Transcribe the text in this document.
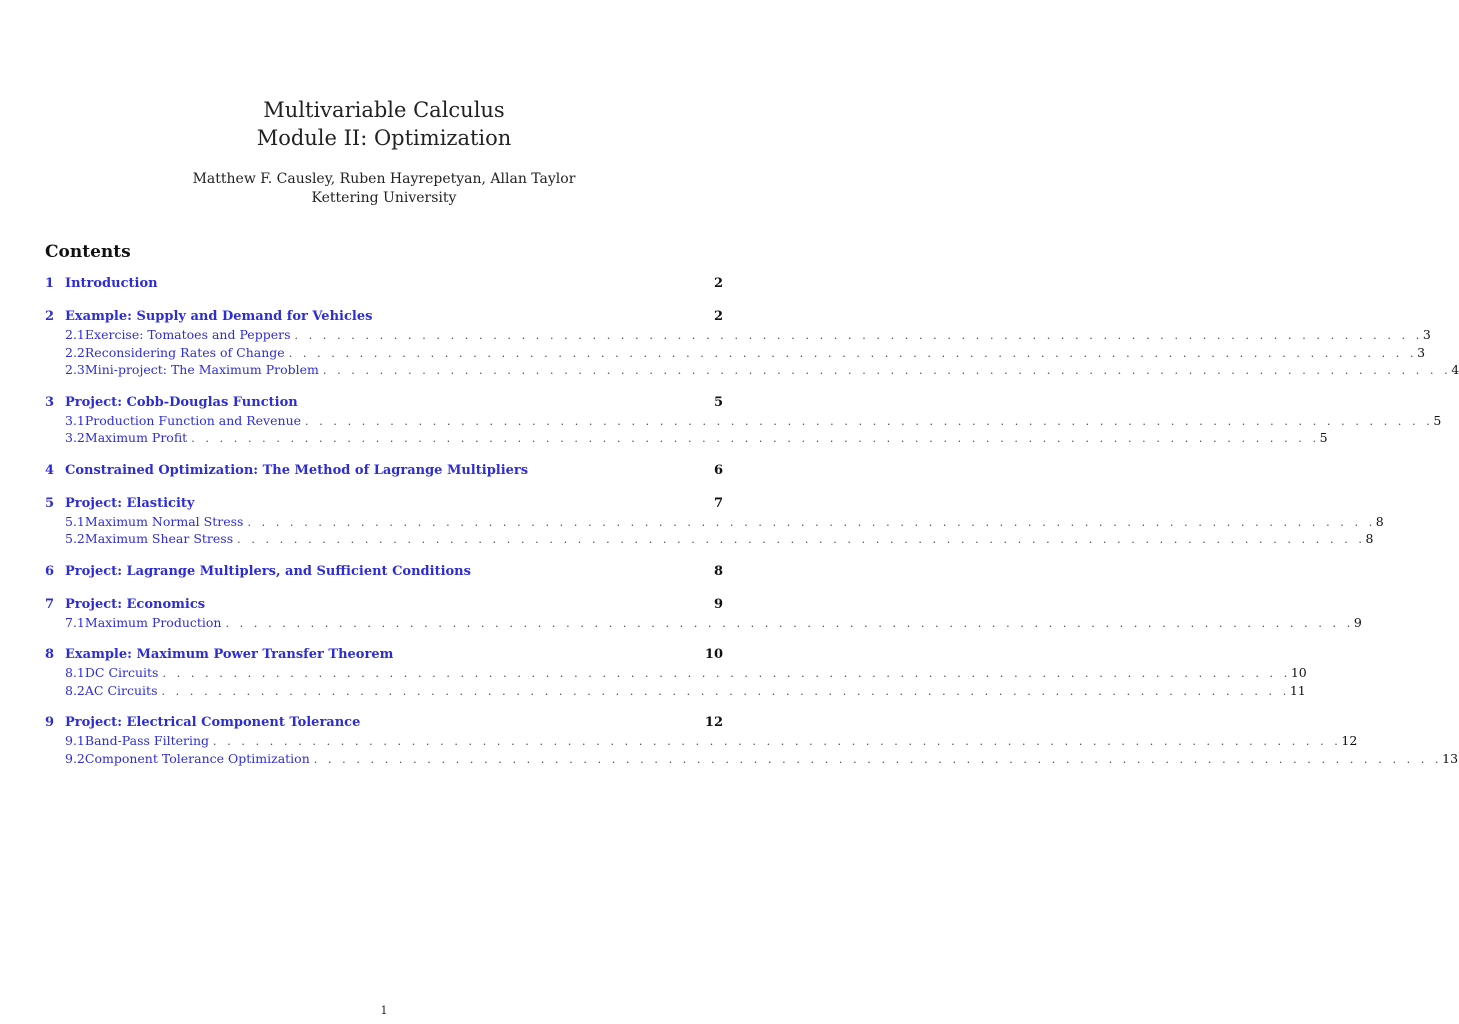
Multivariable Calculus
Module II: Optimization
Matthew F. Causley, Ruben Hayrepetyan, Allan Taylor
Kettering University
Contents
1 Introduction	2
2 Example: Supply and Demand for Vehicles	2
2.1 Exercise: Tomatoes and Peppers . . . . . . . . . . . . . . . . . . . . . . . . . . . . . . . . . . . . . . . . . . . . . . . . . . . . . . . . . . . . . . . . . . . . . . . . . . . . . . . . 3
2.2 Reconsidering Rates of Change . . . . . . . . . . . . . . . . . . . . . . . . . . . . . . . . . . . . . . . . . . . . . . . . . . . . . . . . . . . . . . . . . . . . . . . . . . . . . . . . 3
2.3 Mini-project: The Maximum Problem . . . . . . . . . . . . . . . . . . . . . . . . . . . . . . . . . . . . . . . . . . . . . . . . . . . . . . . . . . . . . . . . . . . . . . . . . . . . . . . . 4
3 Project: Cobb-Douglas Function	5
3.1 Production Function and Revenue . . . . . . . . . . . . . . . . . . . . . . . . . . . . . . . . . . . . . . . . . . . . . . . . . . . . . . . . . . . . . . . . . . . . . . . . . . . . . . . . 5
3.2 Maximum Profit . . . . . . . . . . . . . . . . . . . . . . . . . . . . . . . . . . . . . . . . . . . . . . . . . . . . . . . . . . . . . . . . . . . . . . . . . . . . . . . . 5
4 Constrained Optimization: The Method of Lagrange Multipliers	6
5 Project: Elasticity	7
5.1 Maximum Normal Stress . . . . . . . . . . . . . . . . . . . . . . . . . . . . . . . . . . . . . . . . . . . . . . . . . . . . . . . . . . . . . . . . . . . . . . . . . . . . . . . . 8
5.2 Maximum Shear Stress . . . . . . . . . . . . . . . . . . . . . . . . . . . . . . . . . . . . . . . . . . . . . . . . . . . . . . . . . . . . . . . . . . . . . . . . . . . . . . . . 8
6 Project: Lagrange Multiplers, and Sufficient Conditions	8
7 Project: Economics	9
7.1 Maximum Production . . . . . . . . . . . . . . . . . . . . . . . . . . . . . . . . . . . . . . . . . . . . . . . . . . . . . . . . . . . . . . . . . . . . . . . . . . . . . . . . 9
8 Example: Maximum Power Transfer Theorem	10
8.1 DC Circuits . . . . . . . . . . . . . . . . . . . . . . . . . . . . . . . . . . . . . . . . . . . . . . . . . . . . . . . . . . . . . . . . . . . . . . . . . . . . . . . . 10
8.2 AC Circuits . . . . . . . . . . . . . . . . . . . . . . . . . . . . . . . . . . . . . . . . . . . . . . . . . . . . . . . . . . . . . . . . . . . . . . . . . . . . . . . . 11
9 Project: Electrical Component Tolerance	12
9.1 Band-Pass Filtering . . . . . . . . . . . . . . . . . . . . . . . . . . . . . . . . . . . . . . . . . . . . . . . . . . . . . . . . . . . . . . . . . . . . . . . . . . . . . . . . 12
9.2 Component Tolerance Optimization . . . . . . . . . . . . . . . . . . . . . . . . . . . . . . . . . . . . . . . . . . . . . . . . . . . . . . . . . . . . . . . . . . . . . . . . . . . . . . . . 13
1
